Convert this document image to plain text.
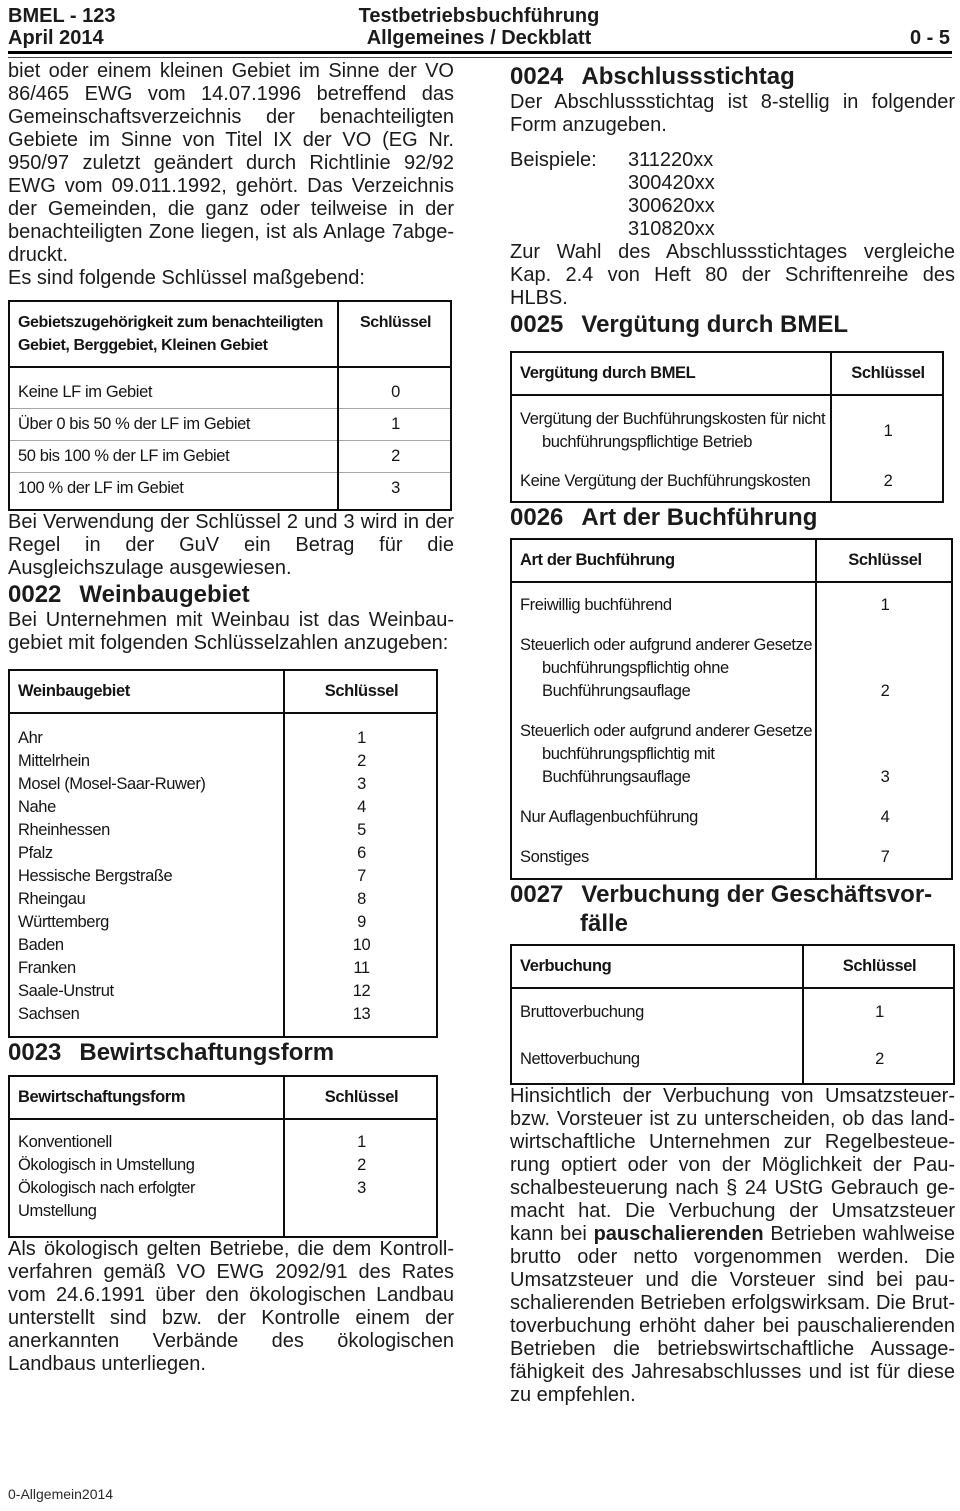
BMEL - 123
April 2014
Testbetriebsbuchführung
Allgemeines / Deckblatt	0 - 5

biet oder einem kleinen Gebiet im Sinne der VO 86/465 EWG vom 14.07.1996 betreffend das Gemeinschaftsverzeichnis der benachteiligten Gebiete im Sinne von Titel IX der VO (EG Nr. 950/97 zuletzt geändert durch Richtlinie 92/92 EWG vom 09.011.1992, gehört. Das Verzeichnis der Gemeinden, die ganz oder teilweise in der benachteiligten Zone liegen, ist als Anlage 7abgedruckt.

Es sind folgende Schlüssel maßgebend:

Gebietszugehörigkeit zum benachteiligten
Gebiet, Berggebiet, Kleinen Gebiet	Schlüssel
Keine LF im Gebiet	0
Über 0 bis 50 % der LF im Gebiet	1
50 bis 100 % der LF im Gebiet	2
100 % der LF im Gebiet	3

Bei Verwendung der Schlüssel 2 und 3 wird in der Regel in der GuV ein Betrag für die Ausgleichszulage ausgewiesen.

0022 Weinbaugebiet

Bei Unternehmen mit Weinbau ist das Weinbaugebiet mit folgenden Schlüsselzahlen anzugeben:

Weinbaugebiet	Schlüssel
Ahr	1
Mittelrhein	2
Mosel (Mosel-Saar-Ruwer)	3
Nahe	4
Rheinhessen	5
Pfalz	6
Hessische Bergstraße	7
Rheingau	8
Württemberg	9
Baden	10
Franken	11
Saale-Unstrut	12
Sachsen	13
0023 Bewirtschaftungsform
Bewirtschaftungsform	Schlüssel
Konventionell	1
Ökologisch in Umstellung	2

Ökologisch nach erfolgter
Umstellung	3

Als ökologisch gelten Betriebe, die dem Kontrollverfahren gemäß VO EWG 2092/91 des Rates vom 24.6.1991 über den ökologischen Landbau unterstellt sind bzw. der Kontrolle einem der anerkannten Verbände des ökologischen Landbaus unterliegen.

0024 Abschlussstichtag

Der Abschlussstichtag ist 8-stellig in folgender Form anzugeben.

Beispiele:	311220xx
300420xx
300620xx
310820xx

Zur Wahl des Abschlussstichtages vergleiche Kap. 2.4 von Heft 80 der Schriftenreihe des HLBS.

0025 Vergütung durch BMEL
Vergütung durch BMEL	Schlüssel

Vergütung der Buchführungskosten für nicht
buchführungspflichtige Betrieb	1
Keine Vergütung der Buchführungskosten	2
0026 Art der Buchführung
Art der Buchführung	Schlüssel
Freiwillig buchführend	1

Steuerlich oder aufgrund anderer Gesetze
buchführungspflichtig ohne
Buchführungsauflage	2

Steuerlich oder aufgrund anderer Gesetze
buchführungspflichtig mit
Buchführungsauflage	3
Nur Auflagenbuchführung	4
Sonstiges	7
0027 Verbuchung der Geschäftsvorfälle
Verbuchung	Schlüssel
Bruttoverbuchung	1
Nettoverbuchung	2

Hinsichtlich der Verbuchung von Umsatzsteuer- bzw. Vorsteuer ist zu unterscheiden, ob das landwirtschaftliche Unternehmen zur Regelbesteuerung optiert oder von der Möglichkeit der Pauschalbesteuerung nach § 24 UStG Gebrauch gemacht hat. Die Verbuchung der Umsatzsteuer kann bei pauschalierenden Betrieben wahlweise brutto oder netto vorgenommen werden. Die Umsatzsteuer und die Vorsteuer sind bei pauschalierenden Betrieben erfolgswirksam. Die Bruttoverbuchung erhöht daher bei pauschalierenden Betrieben die betriebswirtschaftliche Aussagefähigkeit des Jahresabschlusses und ist für diese zu empfehlen.

0-Allgemein2014
